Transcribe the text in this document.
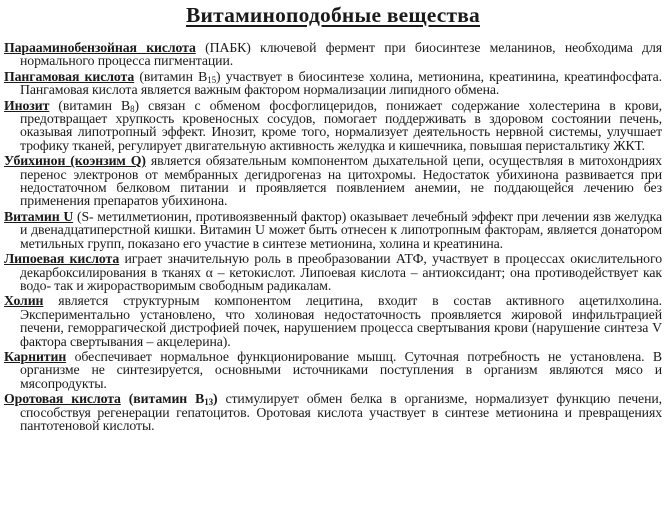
Витаминоподобные вещества

Парааминобензойная кислота (ПАБК) ключевой фермент при биосинтезе меланинов, необходима для нормального процесса пигментации.

Пангамовая кислота (витамин $B_{15}$) участвует в биосинтезе холина, метионина, креатинина, креатинфосфата. Пангамовая кислота является важным фактором нормализации липидного обмена.

Инозит (витамин $B_8$) связан с обменом фосфоглицеридов, понижает содержание холестерина в крови, предотвращает хрупкость кровеносных сосудов, помогает поддерживать в здоровом состоянии печень, оказывая липотропный эффект. Инозит, кроме того, нормализует деятельность нервной системы, улучшает трофику тканей, регулирует двигательную активность желудка и кишечника, повышая перистальтику ЖКТ.

Убихинон (коэнзим Q) является обязательным компонентом дыхательной цепи, осуществляя в митохондриях перенос электронов от мембранных дегидрогеназ на цитохромы. Недостаток убихинона развивается при недостаточном белковом питании и проявляется появлением анемии, не поддающейся лечению без применения препаратов убихинона.

Витамин U (S- метилметионин, противоязвенный фактор) оказывает лечебный эффект при лечении язв желудка и двенадцатиперстной кишки. Витамин U может быть отнесен к липотропным факторам, является донатором метильных групп, показано его участие в синтезе метионина, холина и креатинина.

Липоевая кислота играет значительную роль в преобразовании АТФ, участвует в процессах окислительного декарбоксилирования в тканях α – кетокислот. Липоевая кислота – антиоксидант; она противодействует как водо- так и жирорастворимым свободным радикалам.

Холин является структурным компонентом лецитина, входит в состав активного ацетилхолина. Экспериментально установлено, что холиновая недостаточность проявляется жировой инфильтрацией печени, геморрагической дистрофией почек, нарушением процесса свертывания крови (нарушение синтеза V фактора свертывания – акцелерина).

Карнитин обеспечивает нормальное функционирование мышц. Суточная потребность не установлена. В организме не синтезируется, основными источниками поступления в организм являются мясо и мясопродукты.

Оротовая кислота (витамин $B_{13}$) стимулирует обмен белка в организме, нормализует функцию печени, способствуя регенерации гепатоцитов. Оротовая кислота участвует в синтезе метионина и превращениях пантотеновой кислоты.
